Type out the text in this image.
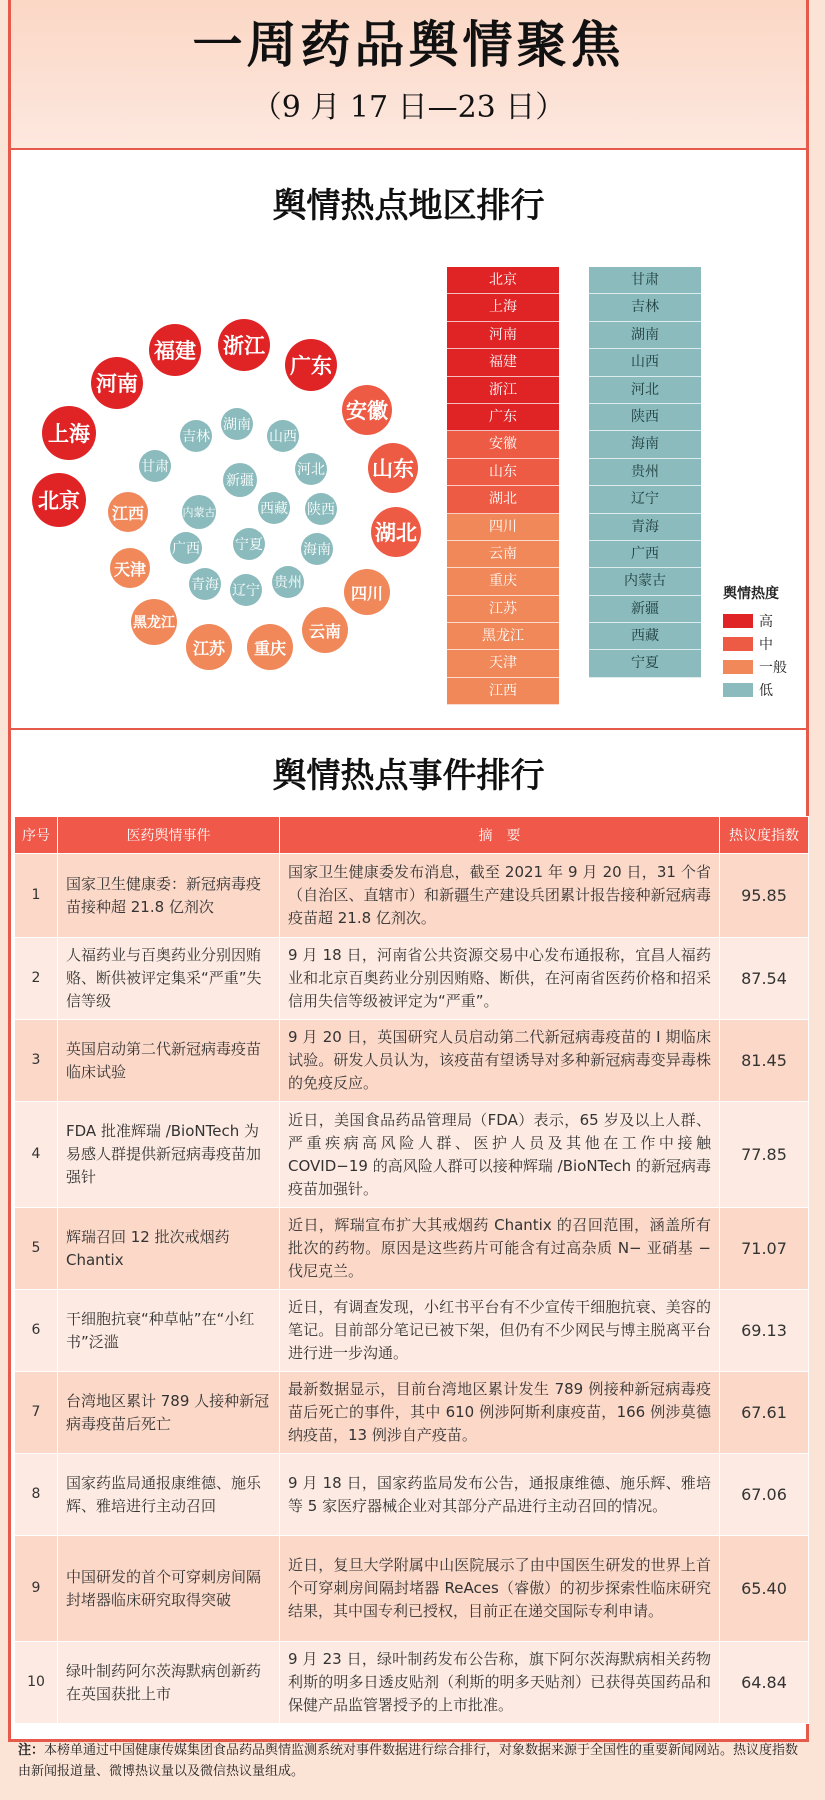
一周药品舆情聚焦
（9 月 17 日—23 日）
舆情热点地区排行
北京
上海
河南
福建 浙江
广东
安徽
山东
湖北
四川
云南
重庆
江苏
黑龙江
天津
江西
甘肃
吉林
湖南
山西
河北
陕西
海南
贵州
辽宁
青海
广西
内蒙古
新疆
西藏
宁夏
北京
上海
河南
福建
浙江
广东
安徽
山东
湖北
四川
云南
重庆
江苏
黑龙江
天津
江西
甘肃
吉林
湖南
山西
河北
陕西
海南
贵州
辽宁
青海
广西
内蒙古
新疆
西藏
宁夏
舆情热度
高
中
一般
低
舆情热点事件排行
序号	医药舆情事件	摘　要	热议度指数
1	国家卫生健康委：新冠病毒疫苗接种超 21.8 亿剂次	国家卫生健康委发布消息，截至 2021 年 9 月 20 日，31 个省（自治区、直辖市）和新疆生产建设兵团累计报告接种新冠病毒疫苗超 21.8 亿剂次。	95.85
2	人福药业与百奥药业分别因贿赂、断供被评定集采“严重”失信等级	9 月 18 日，河南省公共资源交易中心发布通报称，宜昌人福药业和北京百奥药业分别因贿赂、断供，在河南省医药价格和招采信用失信等级被评定为“严重”。	87.54
3	英国启动第二代新冠病毒疫苗临床试验	9 月 20 日，英国研究人员启动第二代新冠病毒疫苗的 I 期临床试验。研发人员认为，该疫苗有望诱导对多种新冠病毒变异毒株的免疫反应。	81.45
4	FDA 批准辉瑞 /BioNTech 为易感人群提供新冠病毒疫苗加强针	近日，美国食品药品管理局（FDA）表示，65 岁及以上人群、严重疾病高风险人群、医护人员及其他在工作中接触 COVID−19 的高风险人群可以接种辉瑞 /BioNTech 的新冠病毒疫苗加强针。	77.85
5	辉瑞召回 12 批次戒烟药 Chantix	近日，辉瑞宣布扩大其戒烟药 Chantix 的召回范围，涵盖所有批次的药物。原因是这些药片可能含有过高杂质 N− 亚硝基 − 伐尼克兰。	71.07
6	干细胞抗衰“种草帖”在“小红书”泛滥	近日，有调查发现，小红书平台有不少宣传干细胞抗衰、美容的笔记。目前部分笔记已被下架，但仍有不少网民与博主脱离平台进行进一步沟通。	69.13
7	台湾地区累计 789 人接种新冠病毒疫苗后死亡	最新数据显示，目前台湾地区累计发生 789 例接种新冠病毒疫苗后死亡的事件，其中 610 例涉阿斯利康疫苗，166 例涉莫德纳疫苗，13 例涉自产疫苗。	67.61
8	国家药监局通报康维德、施乐辉、雅培进行主动召回	9 月 18 日，国家药监局发布公告，通报康维德、施乐辉、雅培等 5 家医疗器械企业对其部分产品进行主动召回的情况。	67.06
9	中国研发的首个可穿刺房间隔封堵器临床研究取得突破	近日，复旦大学附属中山医院展示了由中国医生研发的世界上首个可穿刺房间隔封堵器 ReAces（睿傲）的初步探索性临床研究结果，其中国专利已授权，目前正在递交国际专利申请。	65.40
10	绿叶制药阿尔茨海默病创新药在英国获批上市	9 月 23 日，绿叶制药发布公告称，旗下阿尔茨海默病相关药物利斯的明多日透皮贴剂（利斯的明多天贴剂）已获得英国药品和保健产品监管署授予的上市批准。	64.84
注：本榜单通过中国健康传媒集团食品药品舆情监测系统对事件数据进行综合排行，对象数据来源于全国性的重要新闻网站。热议度指数由新闻报道量、微博热议量以及微信热议量组成。
